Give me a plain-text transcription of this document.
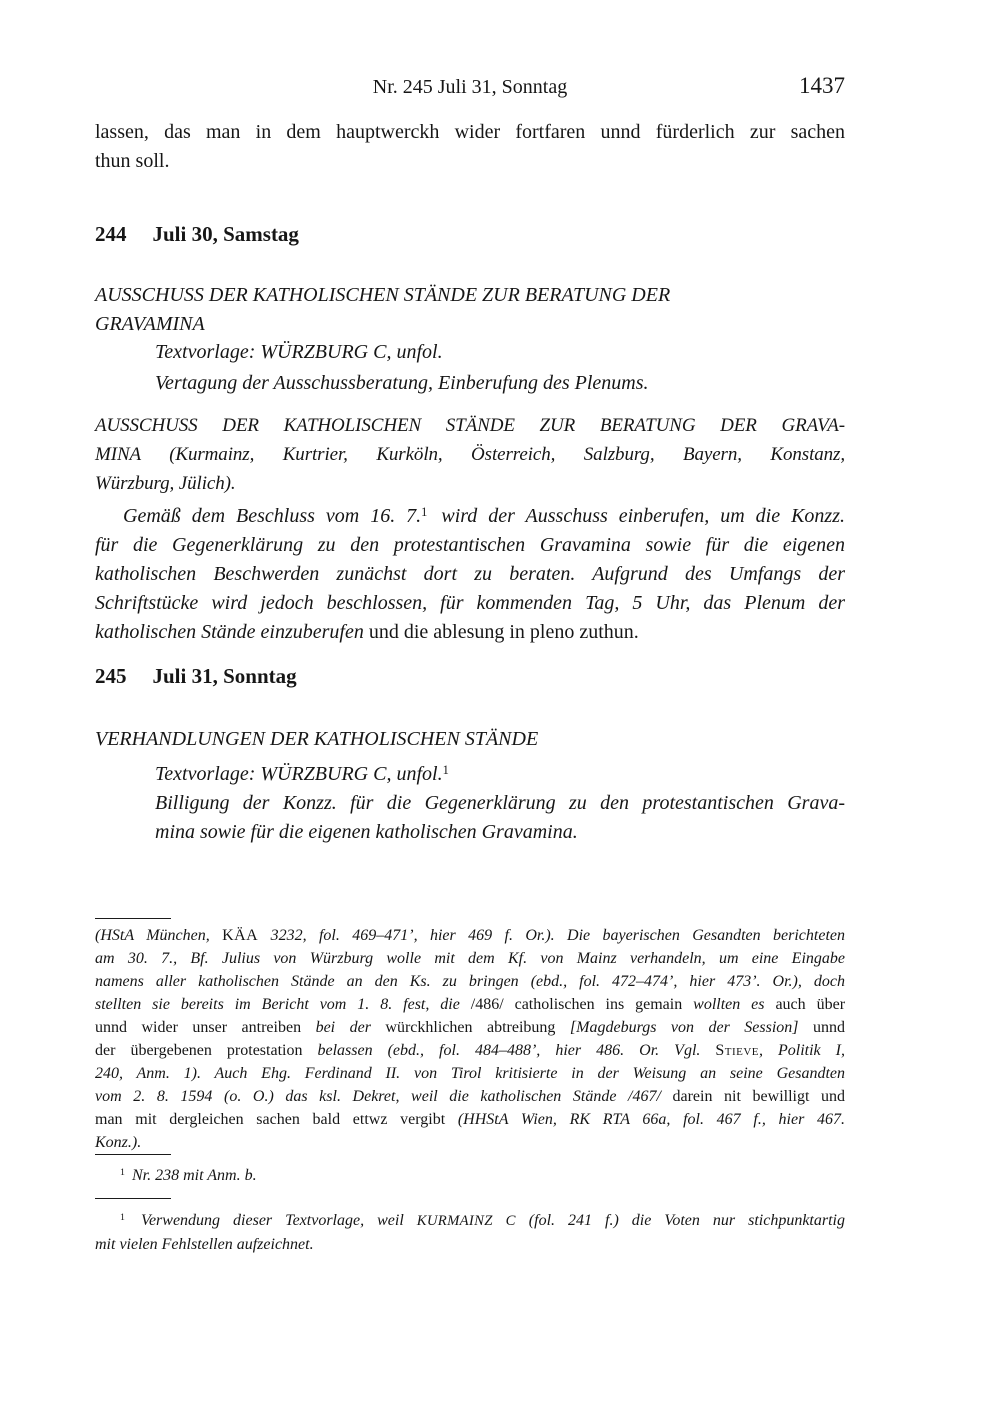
Nr. 245 Juli 31, Sonntag	1437
lassen, das man in dem hauptwerckh wider fortfaren unnd fürderlich zur sachen
thun soll.
244 Juli 30, Samstag
AUSSCHUSS DER KATHOLISCHEN STÄNDE ZUR BERATUNG DER
GRAVAMINA
Textvorlage: WÜRZBURG C, unfol.
Vertagung der Ausschussberatung, Einberufung des Plenums.
AUSSCHUSS DER KATHOLISCHEN STÄNDE ZUR BERATUNG DER GRAVA-
MINA (Kurmainz, Kurtrier, Kurköln, Österreich, Salzburg, Bayern, Konstanz,
Würzburg, Jülich).
Gemäß dem Beschluss vom 16. 7.$^1$ wird der Ausschuss einberufen, um die Konzz.
für die Gegenerklärung zu den protestantischen Gravamina sowie für die eigenen
katholischen Beschwerden zunächst dort zu beraten. Aufgrund des Umfangs der
Schriftstücke wird jedoch beschlossen, für kommenden Tag, 5 Uhr, das Plenum der
katholischen Stände einzuberufen und die ablesung in pleno zuthun.
245 Juli 31, Sonntag
VERHANDLUNGEN DER KATHOLISCHEN STÄNDE
Textvorlage: WÜRZBURG C, unfol.$^1$
Billigung der Konzz. für die Gegenerklärung zu den protestantischen Grava-
mina sowie für die eigenen katholischen Gravamina.
(HStA München, KÄA 3232, fol. 469–471’, hier 469 f. Or.). Die bayerischen Gesandten berichteten
am 30. 7., Bf. Julius von Würzburg wolle mit dem Kf. von Mainz verhandeln, um eine Eingabe
namens aller katholischen Stände an den Ks. zu bringen (ebd., fol. 472–474’, hier 473’. Or.), doch
stellten sie bereits im Bericht vom 1. 8. fest, die /486/ catholischen ins gemain wollten es auch über
unnd wider unser antreiben bei der würckhlichen abtreibung [Magdeburgs von der Session] unnd
der übergebenen protestation belassen (ebd., fol. 484–488’, hier 486. Or. Vgl. Stieve, Politik I,
240, Anm. 1). Auch Ehg. Ferdinand II. von Tirol kritisierte in der Weisung an seine Gesandten
vom 2. 8. 1594 (o. O.) das ksl. Dekret, weil die katholischen Stände /467/ darein nit bewilligt und
man mit dergleichen sachen bald ettwz vergibt (HHStA Wien, RK RTA 66a, fol. 467 f., hier 467.
Konz.).
$^1$ Nr. 238 mit Anm. b.
$^1$ Verwendung dieser Textvorlage, weil KURMAINZ C (fol. 241 f.) die Voten nur stichpunktartig
mit vielen Fehlstellen aufzeichnet.
